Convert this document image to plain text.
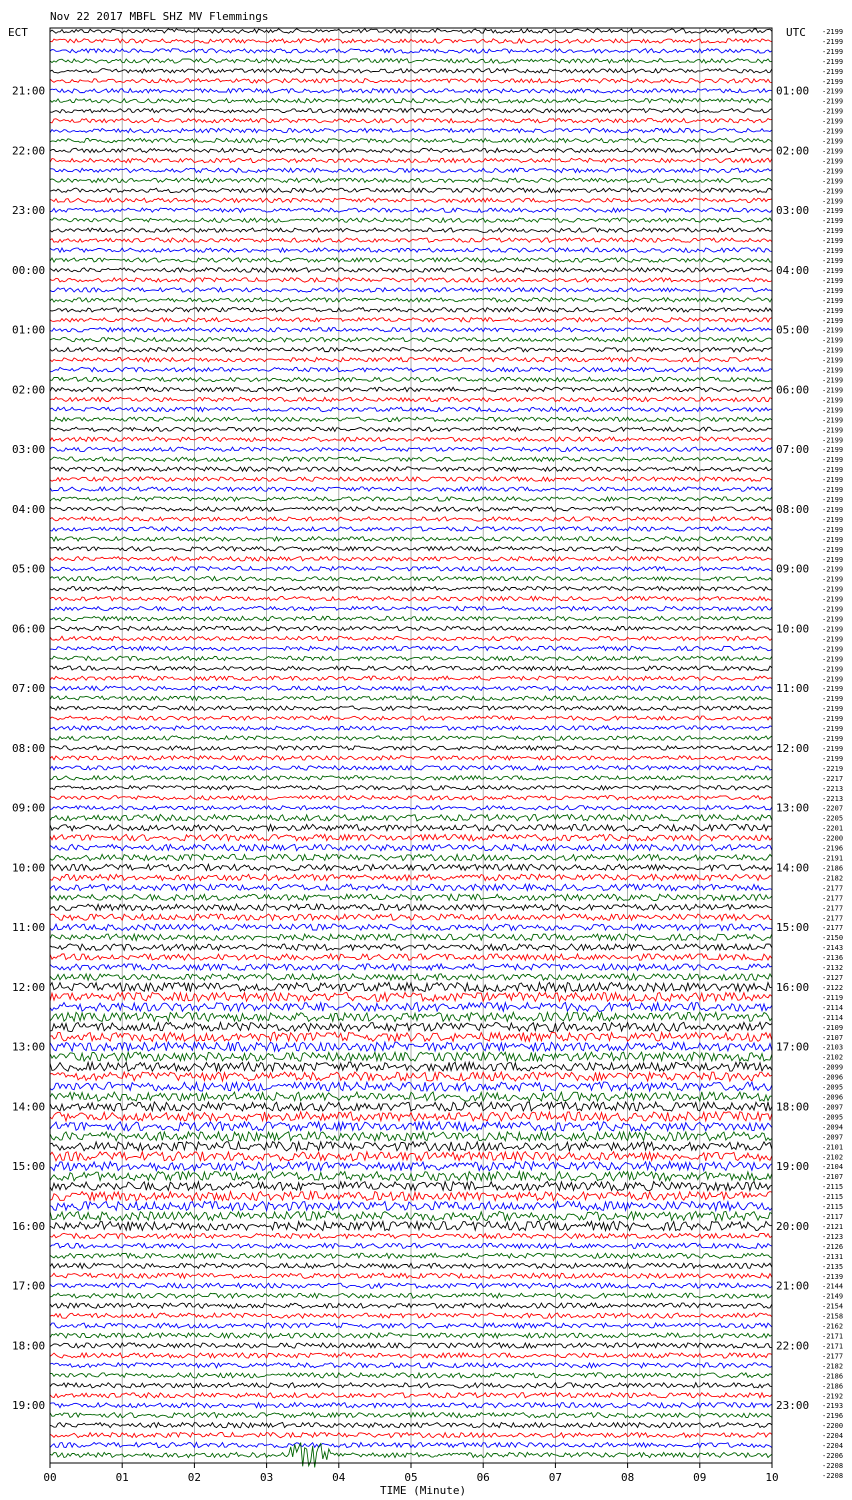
Nov 22 2017 MBFL SHZ MV Flemmings
ECT	UTC
TIME (Minute)
00	01	02	03	04	05	06	07	08	09	10
21:00
22:00
23:00
00:00
01:00
02:00
03:00
04:00
05:00
06:00
07:00
08:00
09:00
10:00
11:00
12:00
13:00
14:00
15:00
16:00
17:00
18:00
19:00
01:00
02:00
03:00
04:00
05:00
06:00
07:00
08:00
09:00
10:00
11:00
12:00
13:00
14:00
15:00
16:00
17:00
18:00
19:00
20:00
21:00
22:00
23:00
-2199
-2199
-2199
-2199
-2199
-2199
-2199
-2199
-2199
-2199
-2199
-2199
-2199
-2199
-2199
-2199
-2199
-2199
-2199
-2199
-2199
-2199
-2199
-2199
-2199
-2199
-2199
-2199
-2199
-2199
-2199
-2199
-2199
-2199
-2199
-2199
-2199
-2199
-2199
-2199
-2199
-2199
-2199
-2199
-2199
-2199
-2199
-2199
-2199
-2199
-2199
-2199
-2199
-2199
-2199
-2199
-2199
-2199
-2199
-2199
-2199
-2199
-2199
-2199
-2199
-2199
-2199
-2199
-2199
-2199
-2199
-2199
-2199
-2199
-2219
-2217
-2213
-2213
-2207
-2205
-2201
-2200
-2196
-2191
-2186
-2182
-2177
-2177
-2177
-2177
-2177
-2150
-2143
-2136
-2132
-2127
-2122
-2119
-2114
-2114
-2109
-2107
-2103
-2102
-2099
-2096
-2095
-2096
-2097
-2095
-2094
-2097
-2101
-2102
-2104
-2107
-2115
-2115
-2115
-2117
-2121
-2123
-2126
-2131
-2135
-2139
-2144
-2149
-2154
-2158
-2162
-2171
-2171
-2177
-2182
-2186
-2186
-2192
-2193
-2196
-2200
-2204
-2204
-2206
-2208
-2208
